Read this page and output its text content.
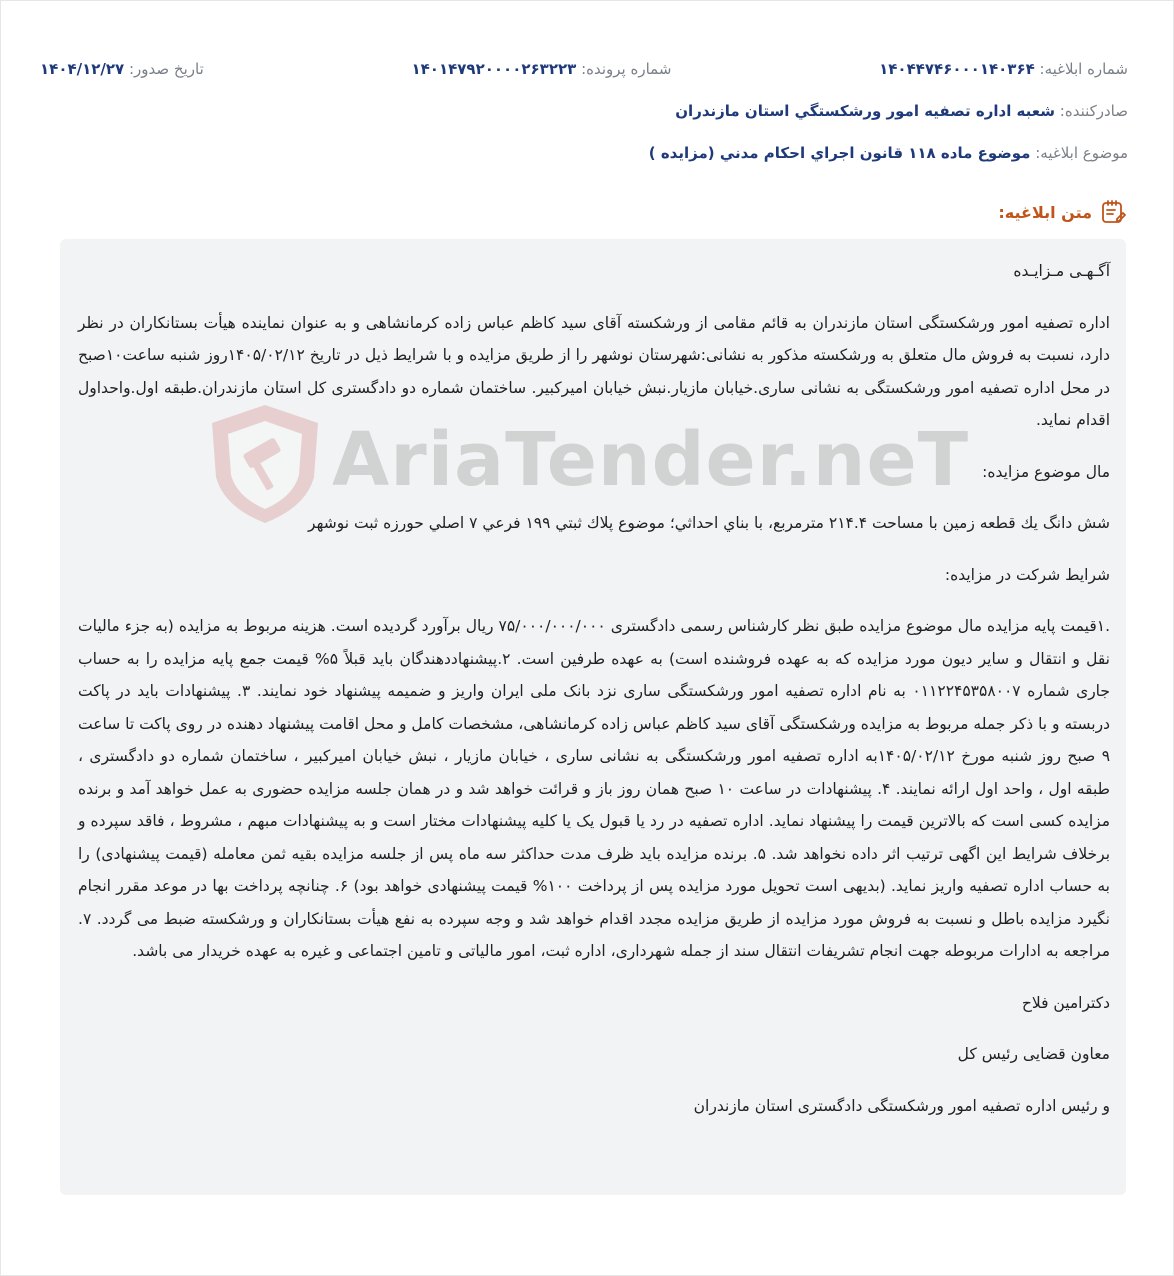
شماره ابلاغیه: ۱۴۰۴۴۷۴۶۰۰۰۱۴۰۳۶۴
شماره پرونده: ۱۴۰۱۴۷۹۲۰۰۰۰۲۶۳۲۲۳
تاریخ صدور: ۱۴۰۴/۱۲/۲۷
صادرکننده: شعبه اداره تصفيه امور ورشكستگي استان مازندران
موضوع ابلاغیه: موضوع ماده ۱۱۸ قانون اجراي احكام مدني (مزايده )
متن ابلاغیه:
AriaTender.neT

آگـهـی مـزایـده

اداره تصفیه امور ورشکستگی استان مازندران به قائم مقامی از ورشکسته آقای سید کاظم عباس زاده کرمانشاهی و به عنوان نماینده هیأت بستانکاران در نظر دارد، نسبت به فروش مال متعلق به ورشکسته مذکور به نشانی:شهرستان نوشهر را از طریق مزایده و با شرایط ذیل در تاریخ ۱۴۰۵/۰۲/۱۲روز شنبه ساعت۱۰صبح در محل اداره تصفیه امور ورشکستگی به نشانی ساری.خیابان مازیار.نبش خیابان امیرکبیر. ساختمان شماره دو دادگستری کل استان مازندران.طبقه اول.واحداول اقدام نماید.

مال موضوع مزایده:

شش دانگ يك قطعه زمين با مساحت ۲۱۴.۴ مترمربع، با بناي احداثي؛ موضوع پلاك ثبتي ۱۹۹ فرعي ۷ اصلي حورزه ثبت نوشهر

شرایط شرکت در مزایده:

.۱قیمت پایه مزایده مال موضوع مزایده طبق نظر کارشناس رسمی دادگستری ۷۵/۰۰۰/۰۰۰/۰۰۰ ریال برآورد گردیده است. هزینه مربوط به مزایده (به جزء مالیات نقل و انتقال و سایر دیون مورد مزایده که به عهده فروشنده است) به عهده طرفین است. ۲.پیشنهاددهندگان باید قبلاً ۵% قیمت جمع پایه مزایده را به حساب جاری شماره ۰۱۱۲۲۴۵۳۵۸۰۰۷ به نام اداره تصفیه امور ورشکستگی ساری نزد بانک ملی ایران واریز و ضمیمه پیشنهاد خود نمایند. ۳. پیشنهادات باید در پاکت دربسته و با ذکر جمله مربوط به مزایده ورشکستگی آقای سید کاظم عباس زاده کرمانشاهی، مشخصات کامل و محل اقامت پیشنهاد دهنده در روی پاکت تا ساعت ۹ صبح روز شنبه مورخ ۱۴۰۵/۰۲/۱۲به اداره تصفیه امور ورشکستگی به نشانی ساری ، خیابان مازیار ، نبش خیابان امیرکبیر ، ساختمان شماره دو دادگستری ، طبقه اول ، واحد اول ارائه نمایند. ۴. پیشنهادات در ساعت ۱۰ صبح همان روز باز و قرائت خواهد شد و در همان جلسه مزایده حضوری به عمل خواهد آمد و برنده مزایده کسی است که بالاترین قیمت را پیشنهاد نماید. اداره تصفیه در رد یا قبول یک یا کلیه پیشنهادات مختار است و به پیشنهادات مبهم ، مشروط ، فاقد سپرده و برخلاف شرایط این اگهی ترتیب اثر داده نخواهد شد. ۵. برنده مزایده باید ظرف مدت حداکثر سه ماه پس از جلسه مزایده بقیه ثمن معامله (قیمت پیشنهادی) را به حساب اداره تصفیه واریز نماید. (بدیهی است تحویل مورد مزایده پس از پرداخت ۱۰۰% قیمت پیشنهادی خواهد بود) ۶. چنانچه پرداخت بها در موعد مقرر انجام نگیرد مزایده باطل و نسبت به فروش مورد مزایده از طریق مزایده مجدد اقدام خواهد شد و وجه سپرده به نفع هیأت بستانکاران و ورشکسته ضبط می گردد. ۷. مراجعه به ادارات مربوطه جهت انجام تشریفات انتقال سند از جمله شهرداری، اداره ثبت، امور مالیاتی و تامین اجتماعی و غیره به عهده خریدار می باشد.

دکترامین فلاح

معاون قضایی رئیس کل

و رئیس اداره تصفیه امور ورشکستگی دادگستری استان مازندران
